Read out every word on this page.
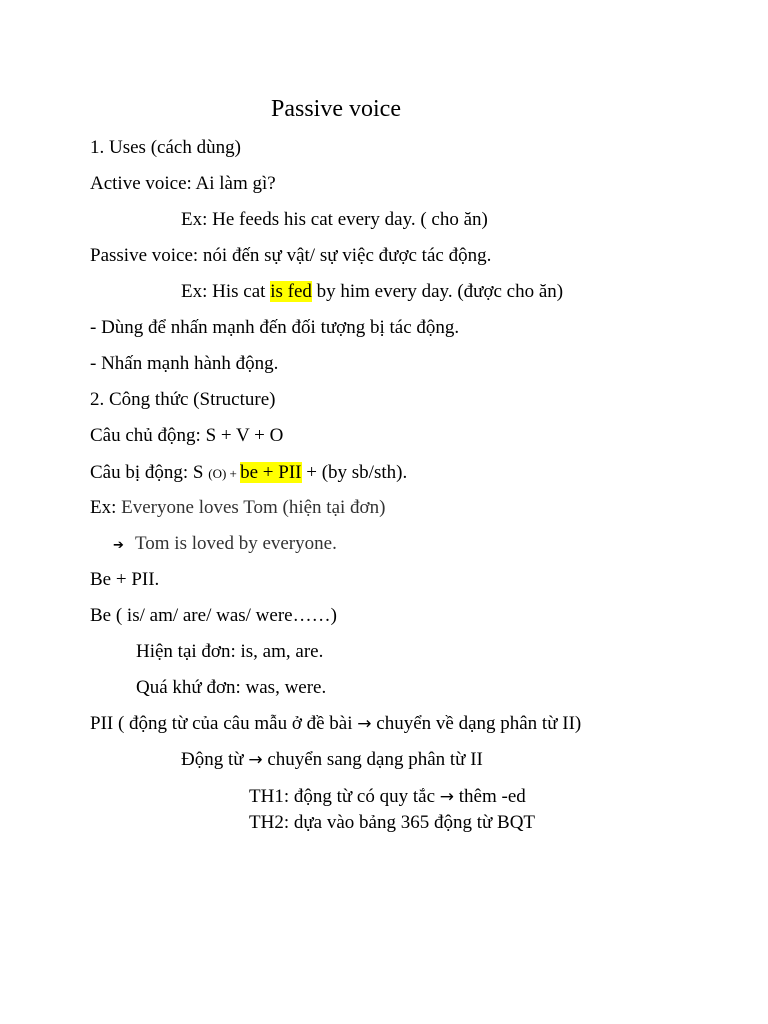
Passive voice
1. Uses (cách dùng)
Active voice: Ai làm gì?
Ex: He feeds his cat every day. ( cho ăn)
Passive voice: nói đến sự vật/ sự việc được tác động.
Ex: His cat is fed by him every day. (được cho ăn)
- Dùng để nhấn mạnh đến đối tượng bị tác động.
- Nhấn mạnh hành động.
2. Công thức (Structure)
Câu chủ động: S + V + O
Câu bị động: S (O) + be + PII + (by sb/sth).
Ex: Everyone loves Tom (hiện tại đơn)
➔ Tom is loved by everyone.
Be + PII.
Be ( is/ am/ are/ was/ were……)
Hiện tại đơn: is, am, are.
Quá khứ đơn: was, were.
PII ( động từ của câu mẫu ở đề bài → chuyển về dạng phân từ II)
Động từ → chuyển sang dạng phân từ II
TH1: động từ có quy tắc → thêm -ed
TH2: dựa vào bảng 365 động từ BQT
